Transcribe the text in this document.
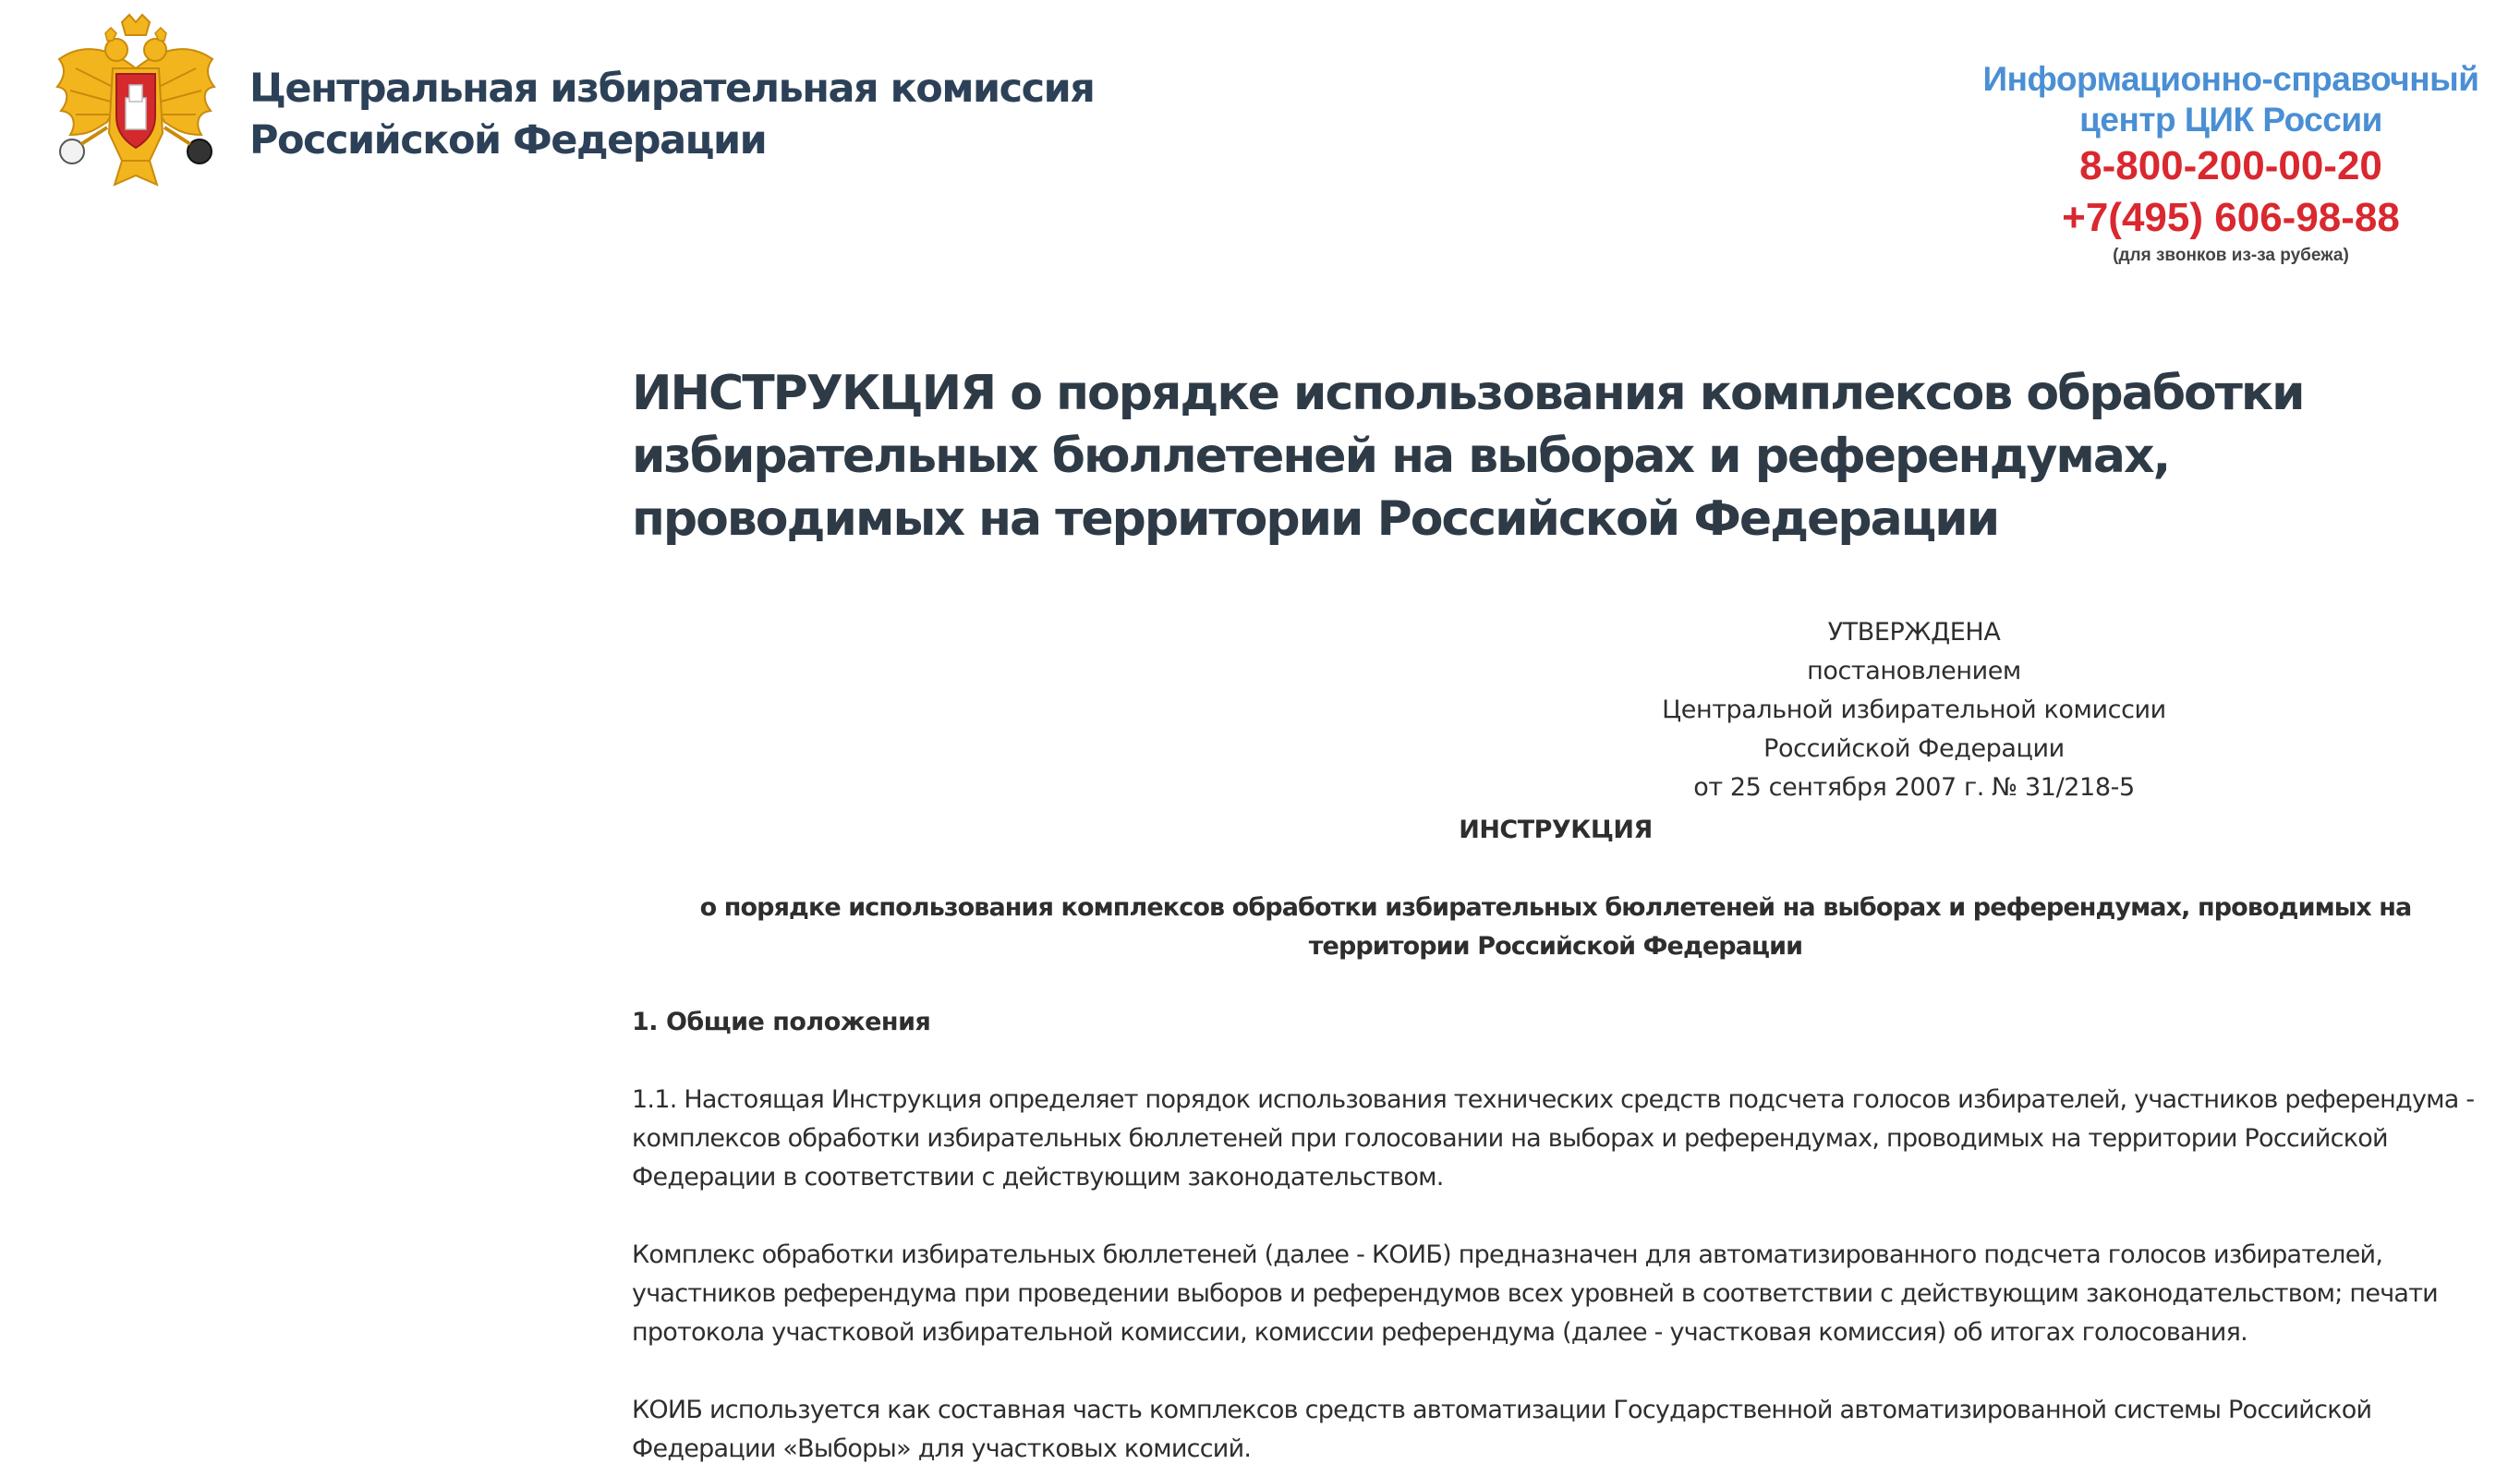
Центральная избирательная комиссия
Российской Федерации
Информационно-справочный
центр ЦИК России
8-800-200-00-20
+7(495) 606-98-88
(для звонков из-за рубежа)
ИНСТРУКЦИЯ о порядке использования комплексов обработки избирательных бюллетеней на выборах и референдумах, проводимых на территории Российской Федерации
УТВЕРЖДЕНА
постановлением
Центральной избирательной комиссии
Российской Федерации
от 25 сентября 2007 г. № 31/218-5
ИНСТРУКЦИЯ
о порядке использования комплексов обработки избирательных бюллетеней на выборах и референдумах, проводимых на территории Российской Федерации
1. Общие положения

1.1. Настоящая Инструкция определяет порядок использования технических средств подсчета голосов избирателей, участников референдума - комплексов обработки избирательных бюллетеней при голосовании на выборах и референдумах, проводимых на территории Российской Федерации в соответствии с действующим законодательством.

Комплекс обработки избирательных бюллетеней (далее - КОИБ) предназначен для автоматизированного подсчета голосов избирателей, участников референдума при проведении выборов и референдумов всех уровней в соответствии с действующим законодательством; печати протокола участковой избирательной комиссии, комиссии референдума (далее - участковая комиссия) об итогах голосования.

КОИБ используется как составная часть комплексов средств автоматизации Государственной автоматизированной системы Российской Федерации «Выборы» для участковых комиссий.
